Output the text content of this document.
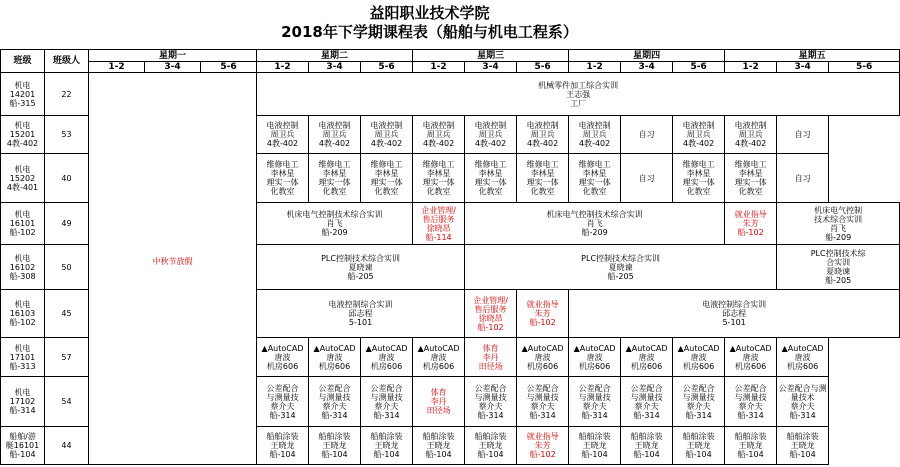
益阳职业技术学院
2018年下学期课程表（船舶与机电工程系）
班级	班级人	星期一			星期二			星期三			星期四			星期五		
		1-2	3-4	5-6	1-2	3-4	5-6	1-2	3-4	5-6	1-2	3-4	5-6	1-2	3-4	5-6

机电
14201
船-315	22	中秋节放假			机械零件加工综合实训
王志强
工厂											

机电
15201
4教-402	53				电液控制
周卫兵
4教-402	电液控制
周卫兵
4教-402	电液控制
周卫兵
4教-402	电液控制
周卫兵
4教-402	电液控制
周卫兵
4教-402	电液控制
周卫兵
4教-402	电液控制
周卫兵
4教-402	自习	电液控制
周卫兵
4教-402	电液控制
周卫兵
4教-402	自习	

机电
15202
4教-401	40				维修电工
李林星
理实一体
化教室	维修电工
李林星
理实一体
化教室	维修电工
李林星
理实一体
化教室	维修电工
李林星
理实一体
化教室	维修电工
李林星
理实一体
化教室	维修电工
李林星
理实一体
化教室	维修电工
李林星
理实一体
化教室	自习	维修电工
李林星
理实一体
化教室	维修电工
李林星
理实一体
化教室	自习	

机电
16101
船-102	49				机床电气控制技术综合实训
肖飞
船-209			企业管理/
售后服务
徐晓昂
船-114	机床电气控制技术综合实训
肖飞
船-209					就业指导
朱芳
船-102	机床电气控制
技术综合实训
肖飞
船-209	

机电
16102
船-308	50				PLC控制技术综合实训
夏晓谏
船-205				PLC控制技术综合实训
夏晓谏
船-205						PLC控制技术综
合实训
夏晓谏
船-205	

机电
16103
船-102	45				电液控制综合实训
邱志程
5-101				企业管理/
售后服务
徐晓昂
船-102	就业指导
朱芳
船-102	电液控制综合实训
邱志程
5-101					

机电
17101
船-313	57				▲AutoCAD
唐波
机房606	▲AutoCAD
唐波
机房606	▲AutoCAD
唐波
机房606	▲AutoCAD
唐波
机房606	体育
李丹
田径场	▲AutoCAD
唐波
机房606	▲AutoCAD
唐波
机房606	▲AutoCAD
唐波
机房606	▲AutoCAD
唐波
机房606	▲AutoCAD
唐波
机房606	▲AutoCAD
唐波
机房606	

机电
17102
船-314	54				公差配合
与测量技
蔡介夫
船-314	公差配合
与测量技
蔡介夫
船-314	公差配合
与测量技
蔡介夫
船-314	体育
李丹
田径场	公差配合
与测量技
蔡介夫
船-314	公差配合
与测量技
蔡介夫
船-314	公差配合
与测量技
蔡介夫
船-314	公差配合
与测量技
蔡介夫
船-314	公差配合
与测量技
蔡介夫
船-314	公差配合
与测量技
蔡介夫
船-314	公差配合与测
量技术
蔡介夫
船-314	

船舶/游
艇16101
船-104	44				船舶涂装
王晓龙
船-104	船舶涂装
王晓龙
船-104	船舶涂装
王晓龙
船-104	船舶涂装
王晓龙
船-104	船舶涂装
王晓龙
船-104	就业指导
朱芳
船-102	船舶涂装
王晓龙
船-104	船舶涂装
王晓龙
船-104	船舶涂装
王晓龙
船-104	船舶涂装
王晓龙
船-104	船舶涂装
王晓龙
船-104	
